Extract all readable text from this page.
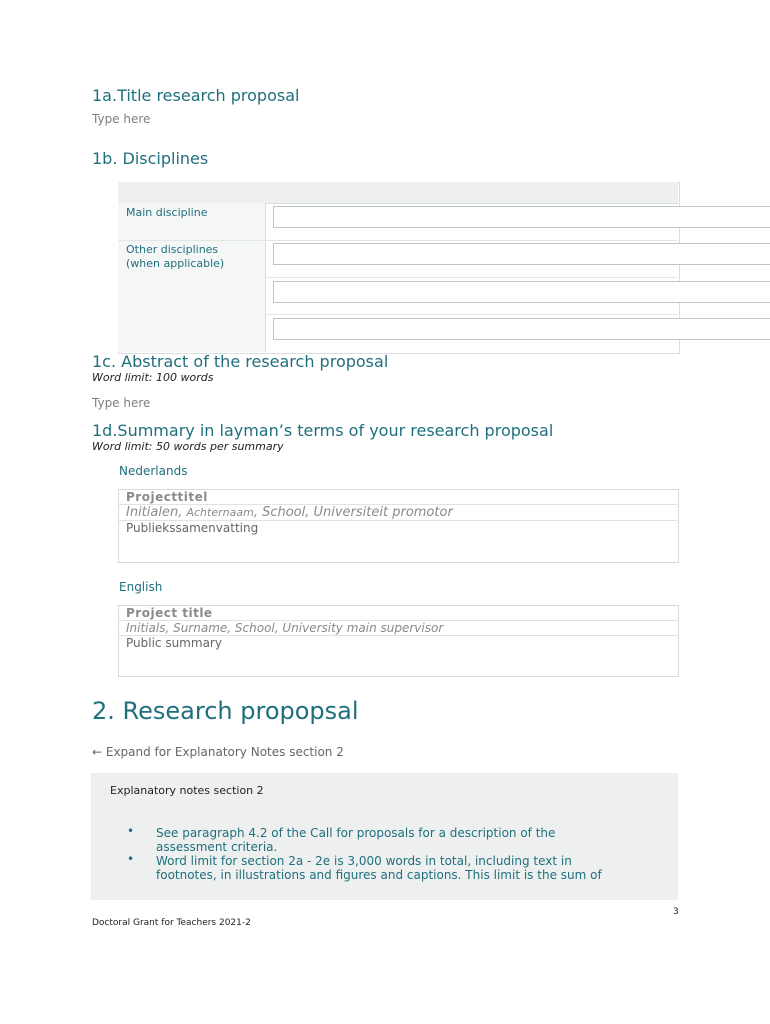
1a.Title research proposal
Type here
1b. Disciplines
Main discipline
Other disciplines
(when applicable)
1c. Abstract of the research proposal
Word limit: 100 words
Type here
1d.Summary in layman’s terms of your research proposal
Word limit: 50 words per summary
Nederlands
Projecttitel
Initialen, Achternaam, School, Universiteit promotor
Publiekssamenvatting
English
Project title
Initials, Surname, School, University main supervisor
Public summary
2. Research propopsal
← Expand for Explanatory Notes section 2
Explanatory notes section 2
• See paragraph 4.2 of the Call for proposals for a description of the
assessment criteria.
• Word limit for section 2a - 2e is 3,000 words in total, including text in
footnotes, in illustrations and figures and captions. This limit is the sum of
3
Doctoral Grant for Teachers 2021-2
